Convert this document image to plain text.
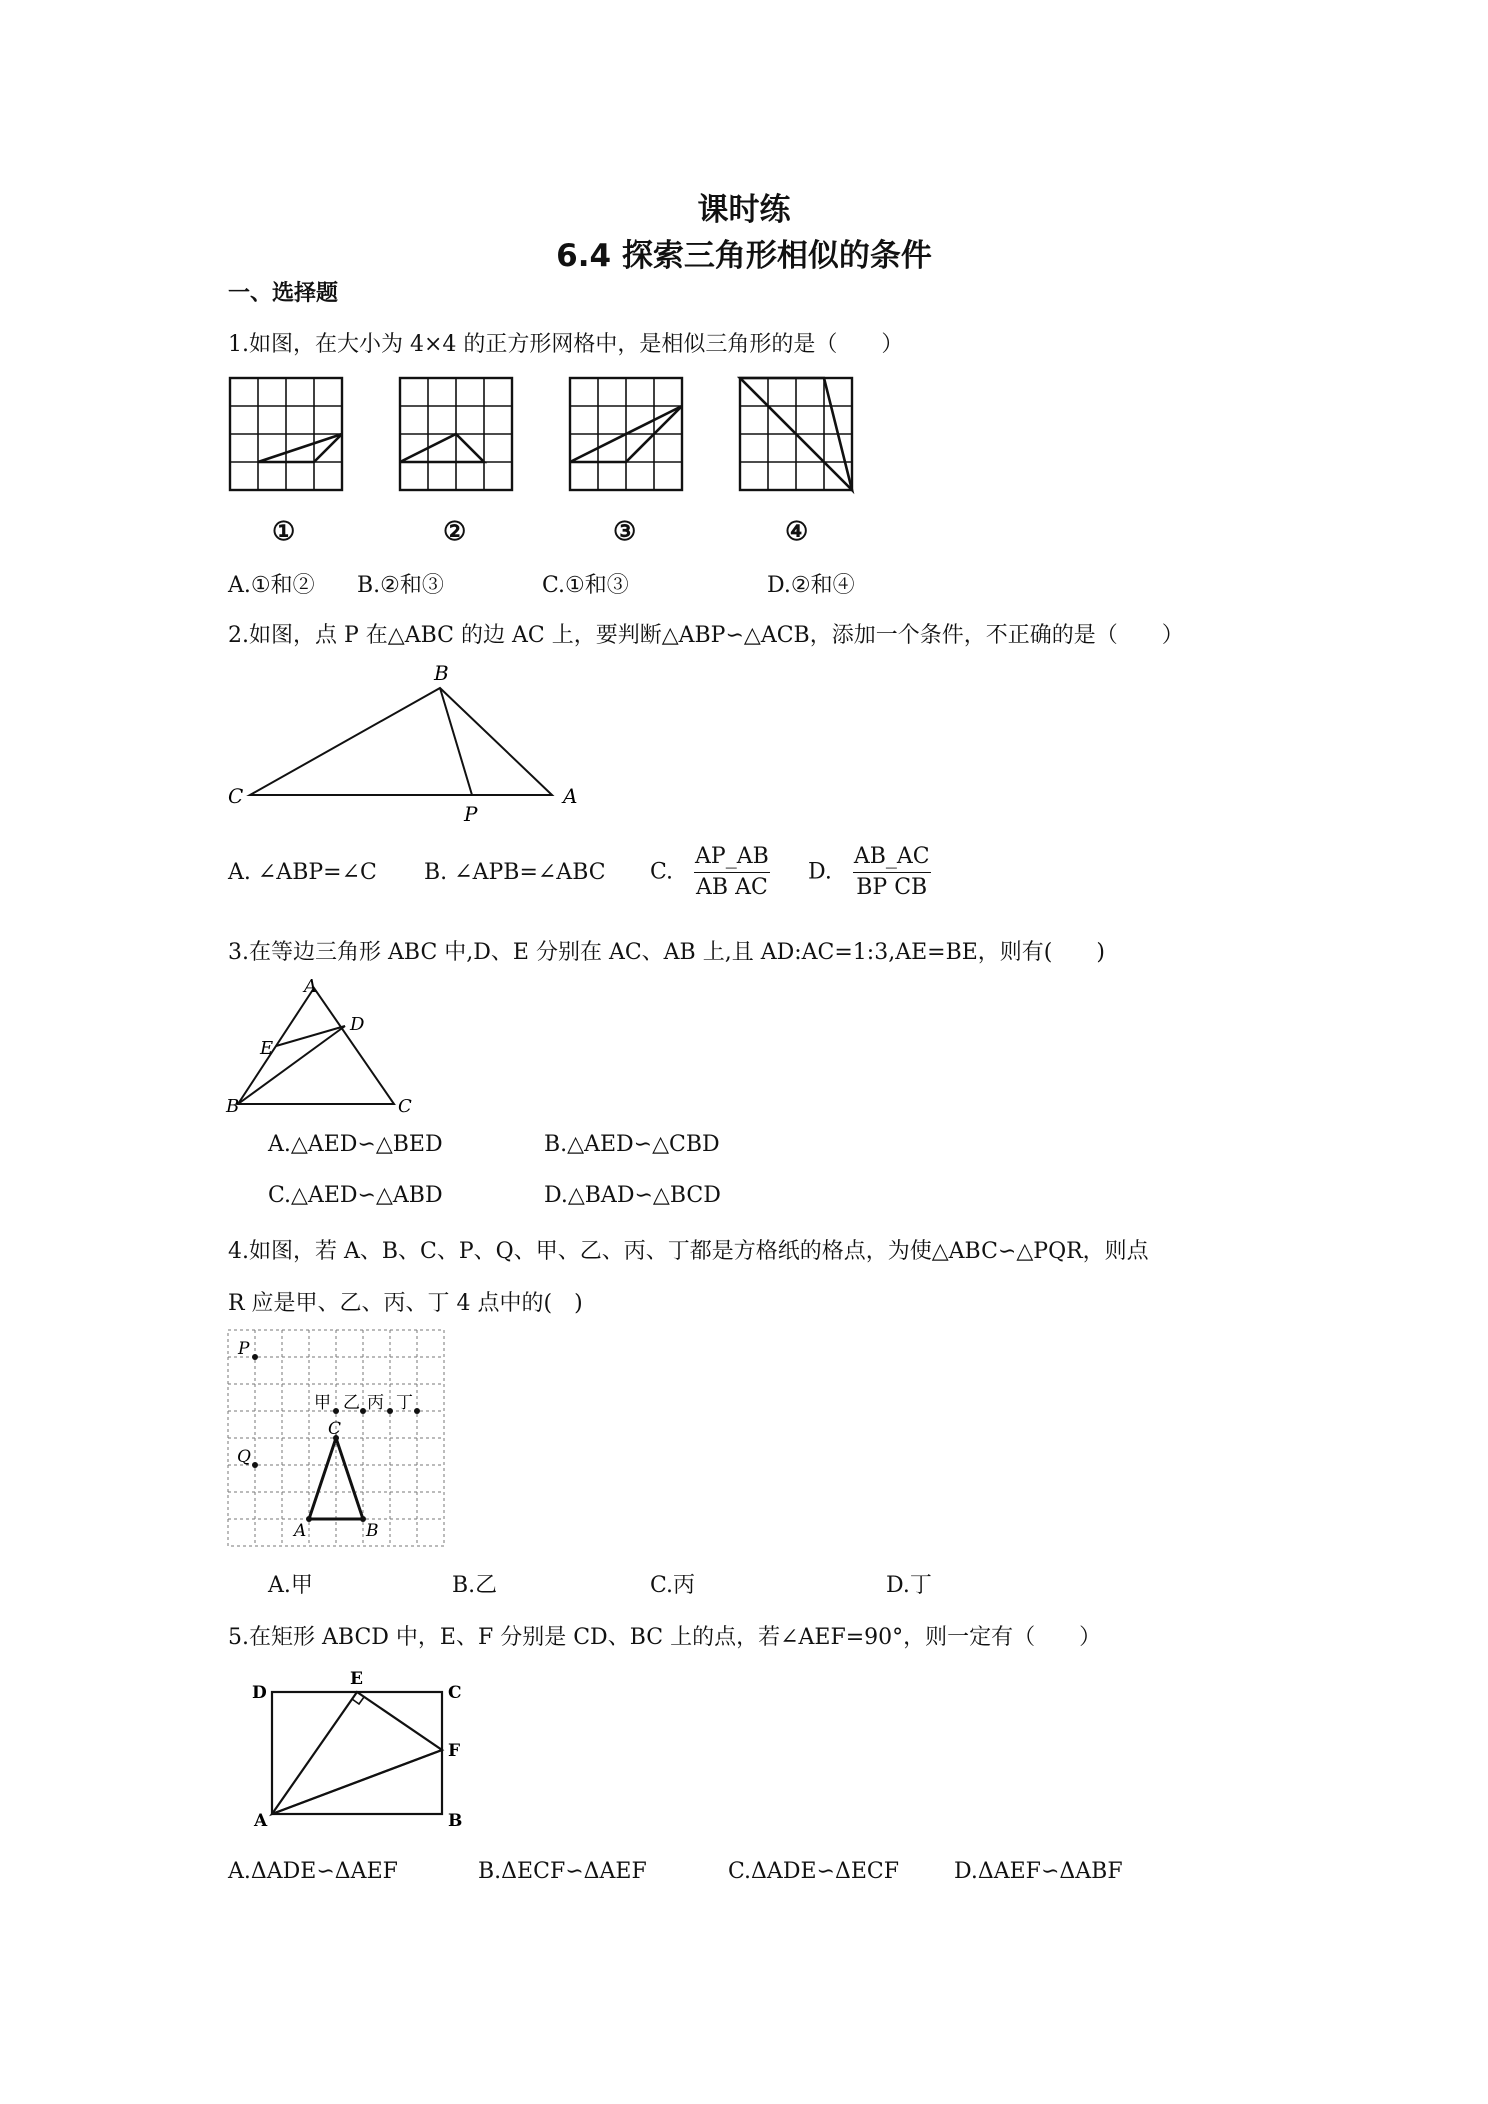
课时练
6.4 探索三角形相似的条件
一、选择题
1.如图，在大小为 4×4 的正方形网格中，是相似三角形的是（　　）
①	②	③	④
A.①和② B.②和③	C.①和③	D.②和④
2.如图，点 P 在△ABC 的边 AC 上，要判断△ABP∽△ACB，添加一个条件，不正确的是（　　）
B
C	A
P
A. ∠ABP=∠C B. ∠APB=∠ABC C. $\frac{AP\_AB}{\text{AB AC}} D$. $\frac{AB\_AC}{\text{BP CB}}$
3.在等边三角形 ABC 中,D、E 分别在 AC、AB 上,且 AD:AC=1:3,AE=BE，则有(　　)
A
D
E
B	C
A.△AED∽△BED	B.△AED∽△CBD
C.△AED∽△ABD	D.△BAD∽△BCD
4.如图，若 A、B、C、P、Q、甲、乙、丙、丁都是方格纸的格点，为使△ABC∽△PQR，则点
R 应是甲、乙、丙、丁 4 点中的(　)
P
Q
甲 乙 丙 丁
C
A	B
A.甲	B.乙	C.丙	D.丁
5.在矩形 ABCD 中，E、F 分别是 CD、BC 上的点，若∠AEF=90°，则一定有（　　）
D
E
C
F
A	B
A.ΔADE∽ΔAEF	B.ΔECF∽ΔAEF	C.ΔADE∽ΔECF	D.ΔAEF∽ΔABF
